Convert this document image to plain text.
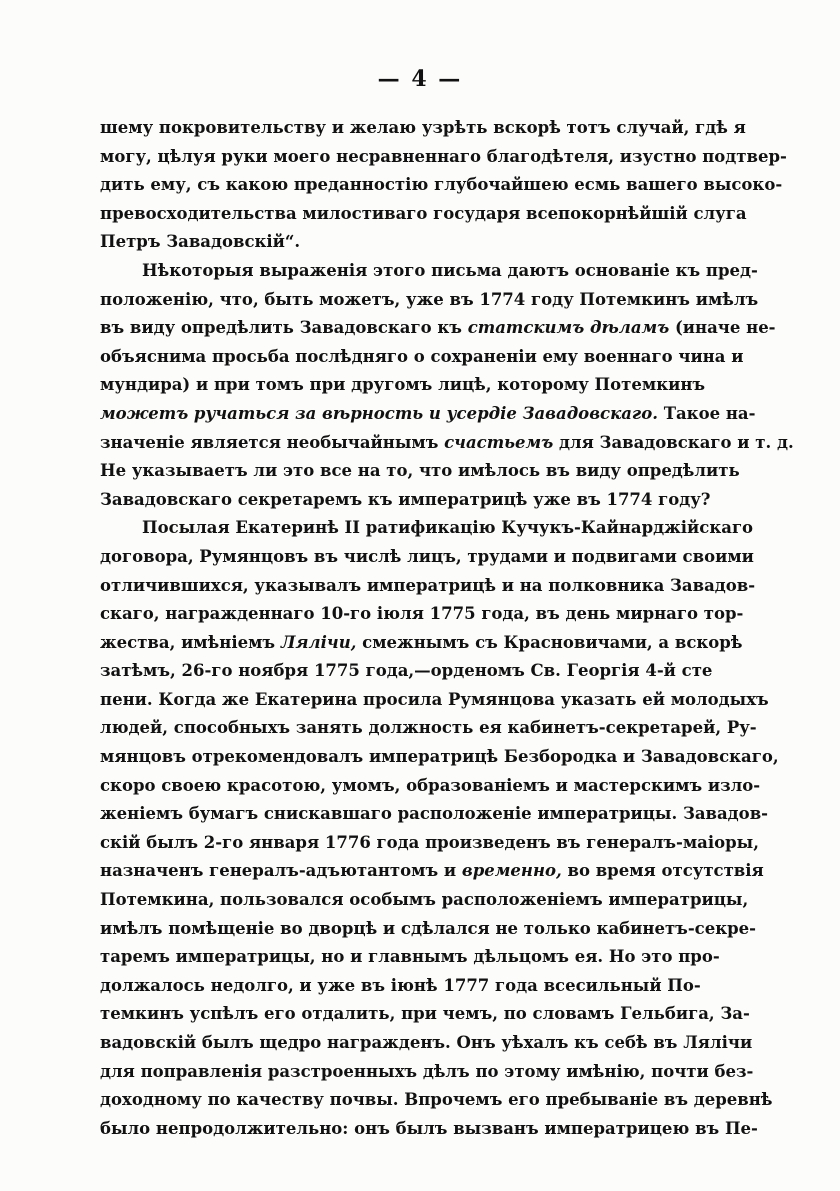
— 4 —
шему покровительству и желаю узрѣть вскорѣ тотъ случай, гдѣ я
могу, цѣлуя руки моего несравненнаго благодѣтеля, изустно подтвер-
дить ему, съ какою преданностію глубочайшею есмь вашего высоко-
превосходительства милостиваго государя всепокорнѣйшій слуга
Петръ Завадовскій“.
Нѣкоторыя выраженія этого письма даютъ основаніе къ пред-
положенію, что, быть можетъ, уже въ 1774 году Потемкинъ имѣлъ
въ виду опредѣлить Завадовскаго къ статскимъ дѣламъ (иначе не-
объяснима просьба послѣдняго о сохраненіи ему военнаго чина и
мундира) и при томъ при другомъ лицѣ, которому Потемкинъ
можетъ ручаться за вѣрность и усердіе Завадовскаго. Такое на-
значеніе является необычайнымъ счастьемъ для Завадовскаго и т. д.
Не указываетъ ли это все на то, что имѣлось въ виду опредѣлить
Завадовскаго секретаремъ къ императрицѣ уже въ 1774 году?
Посылая Екатеринѣ II ратификацію Кучукъ-Кайнарджійскаго
договора, Румянцовъ въ числѣ лицъ, трудами и подвигами своими
отличившихся, указывалъ императрицѣ и на полковника Завадов-
скаго, награжденнаго 10-го іюля 1775 года, въ день мирнаго тор-
жества, имѣніемъ Лялічи, смежнымъ съ Красновичами, а вскорѣ
затѣмъ, 26-го ноября 1775 года,—орденомъ Св. Георгія 4-й сте
пени. Когда же Екатерина просила Румянцова указать ей молодыхъ
людей, способныхъ занять должность ея кабинетъ-секретарей, Ру-
мянцовъ отрекомендовалъ императрицѣ Безбородка и Завадовскаго,
скоро своею красотою, умомъ, образованіемъ и мастерскимъ изло-
женіемъ бумагъ снискавшаго расположеніе императрицы. Завадов-
скій былъ 2-го января 1776 года произведенъ въ генералъ-маіоры,
назначенъ генералъ-адъютантомъ и временно, во время отсутствія
Потемкина, пользовался особымъ расположеніемъ императрицы,
имѣлъ помѣщеніе во дворцѣ и сдѣлался не только кабинетъ-секре-
таремъ императрицы, но и главнымъ дѣльцомъ ея. Но это про-
должалось недолго, и уже въ іюнѣ 1777 года всесильный По-
темкинъ успѣлъ его отдалить, при чемъ, по словамъ Гельбига, За-
вадовскій былъ щедро награжденъ. Онъ уѣхалъ къ себѣ въ Лялічи
для поправленія разстроенныхъ дѣлъ по этому имѣнію, почти без-
доходному по качеству почвы. Впрочемъ его пребываніе въ деревнѣ
было непродолжительно: онъ былъ вызванъ императрицею въ Пе-
